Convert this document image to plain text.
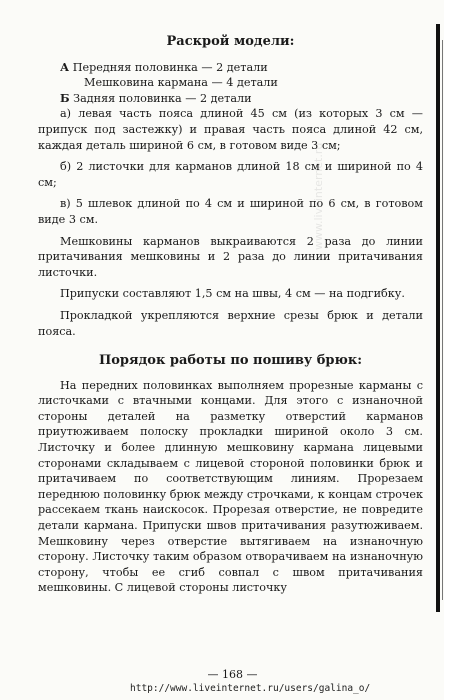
www.liveinternet.ru
Раскрой модели:

А Передняя половинка — 2 детали

Мешковина кармана — 4 детали

Б Задняя половинка — 2 детали

а) левая часть пояса длиной 45 см (из которых 3 см — припуск под застежку) и правая часть пояса длиной 42 см, каждая деталь шириной 6 см, в готовом виде 3 см;

б) 2 листочки для карманов длиной 18 см и шириной по 4 см;

в) 5 шлевок длиной по 4 см и шириной по 6 см, в готовом виде 3 см.

Мешковины карманов выкраиваются 2 раза до линии притачивания мешковины и 2 раза до линии притачивания листочки.

Припуски составляют 1,5 см на швы, 4 см — на подгибку.

Прокладкой укрепляются верхние срезы брюк и детали пояса.

Порядок работы по пошиву брюк:

На передних половинках выполняем прорезные карманы с листочками с втачными концами. Для этого с изнаночной стороны деталей на разметку отверстий карманов приутюживаем полоску прокладки шириной около 3 см. Листочку и более длинную мешковину кармана лицевыми сторонами складываем с лицевой стороной половинки брюк и притачиваем по соответствующим линиям. Прорезаем переднюю половинку брюк между строчками, к концам строчек рассекаем ткань наискосок. Прорезая отверстие, не повредите детали кармана. Припуски швов притачивания разутюживаем. Мешковину через отверстие вытягиваем на изнаночную сторону. Листочку таким образом отворачиваем на изнаночную сторону, чтобы ее сгиб совпал с швом притачивания мешковины. С лицевой стороны листочку

— 168 —
http://www.liveinternet.ru/users/galina_o/
